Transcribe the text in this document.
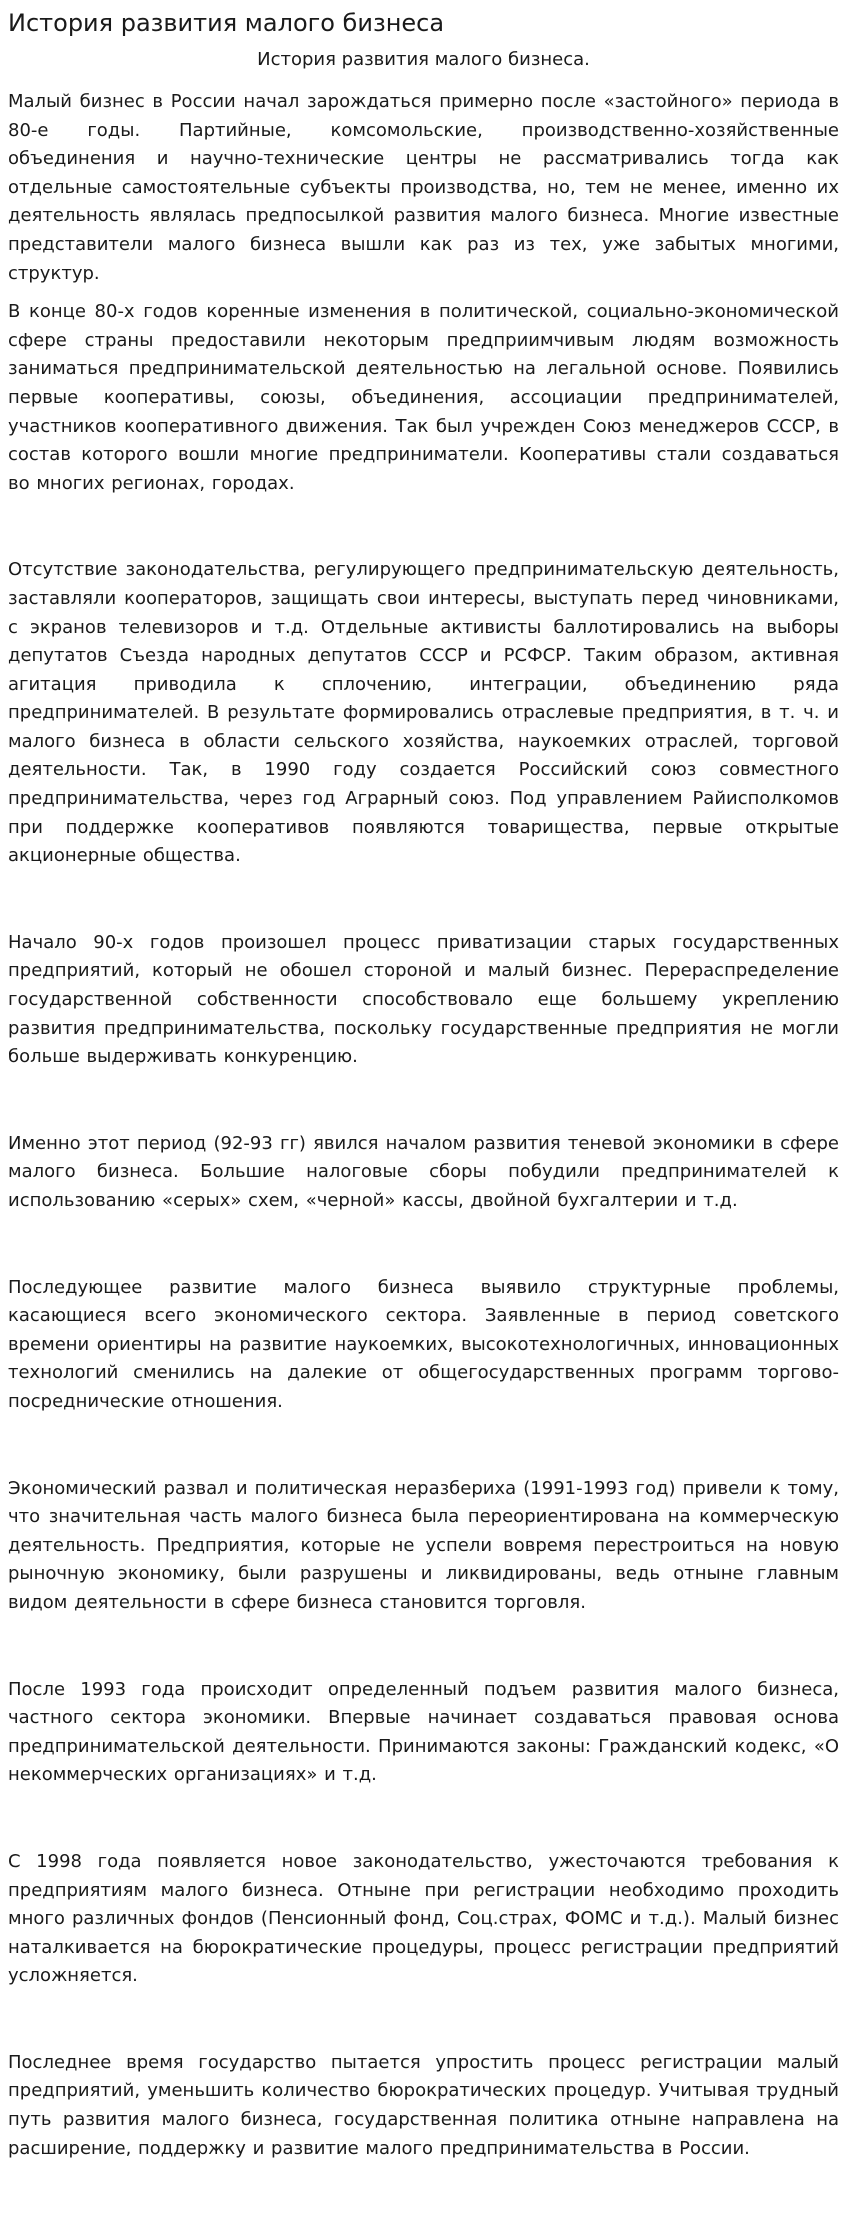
История развития малого бизнеса
История развития малого бизнеса.

Малый бизнес в России начал зарождаться примерно после «застойного» периода в 80-е годы. Партийные, комсомольские, производственно-хозяйственные объединения и научно-технические центры не рассматривались тогда как отдельные самостоятельные субъекты производства, но, тем не менее, именно их деятельность являлась предпосылкой развития малого бизнеса. Многие известные представители малого бизнеса вышли как раз из тех, уже забытых многими, структур.

В конце 80-х годов коренные изменения в политической, социально-экономической сфере страны предоставили некоторым предприимчивым людям возможность заниматься предпринимательской деятельностью на легальной основе. Появились первые кооперативы, союзы, объединения, ассоциации предпринимателей, участников кооперативного движения. Так был учрежден Союз менеджеров СССР, в состав которого вошли многие предприниматели. Кооперативы стали создаваться во многих регионах, городах.

Отсутствие законодательства, регулирующего предпринимательскую деятельность, заставляли кооператоров, защищать свои интересы, выступать перед чиновниками, с экранов телевизоров и т.д. Отдельные активисты баллотировались на выборы депутатов Съезда народных депутатов СССР и РСФСР. Таким образом, активная агитация приводила к сплочению, интеграции, объединению ряда предпринимателей. В результате формировались отраслевые предприятия, в т. ч. и малого бизнеса в области сельского хозяйства, наукоемких отраслей, торговой деятельности. Так, в 1990 году создается Российский союз совместного предпринимательства, через год Аграрный союз. Под управлением Райисполкомов при поддержке кооперативов появляются товарищества, первые открытые акционерные общества.

Начало 90-х годов произошел процесс приватизации старых государственных предприятий, который не обошел стороной и малый бизнес. Перераспределение государственной собственности способствовало еще большему укреплению развития предпринимательства, поскольку государственные предприятия не могли больше выдерживать конкуренцию.

Именно этот период (92-93 гг) явился началом развития теневой экономики в сфере малого бизнеса. Большие налоговые сборы побудили предпринимателей к использованию «серых» схем, «черной» кассы, двойной бухгалтерии и т.д.

Последующее развитие малого бизнеса выявило структурные проблемы, касающиеся всего экономического сектора. Заявленные в период советского времени ориентиры на развитие наукоемких, высокотехнологичных, инновационных технологий сменились на далекие от общегосударственных программ торгово-посреднические отношения.

Экономический развал и политическая неразбериха (1991-1993 год) привели к тому, что значительная часть малого бизнеса была переориентирована на коммерческую деятельность. Предприятия, которые не успели вовремя перестроиться на новую рыночную экономику, были разрушены и ликвидированы, ведь отныне главным видом деятельности в сфере бизнеса становится торговля.

После 1993 года происходит определенный подъем развития малого бизнеса, частного сектора экономики. Впервые начинает создаваться правовая основа предпринимательской деятельности. Принимаются законы: Гражданский кодекс, «О некоммерческих организациях» и т.д.

С 1998 года появляется новое законодательство, ужесточаются требования к предприятиям малого бизнеса. Отныне при регистрации необходимо проходить много различных фондов (Пенсионный фонд, Соц.страх, ФОМС и т.д.). Малый бизнес наталкивается на бюрократические процедуры, процесс регистрации предприятий усложняется.

Последнее время государство пытается упростить процесс регистрации малый предприятий, уменьшить количество бюрократических процедур. Учитывая трудный путь развития малого бизнеса, государственная политика отныне направлена на расширение, поддержку и развитие малого предпринимательства в России.
